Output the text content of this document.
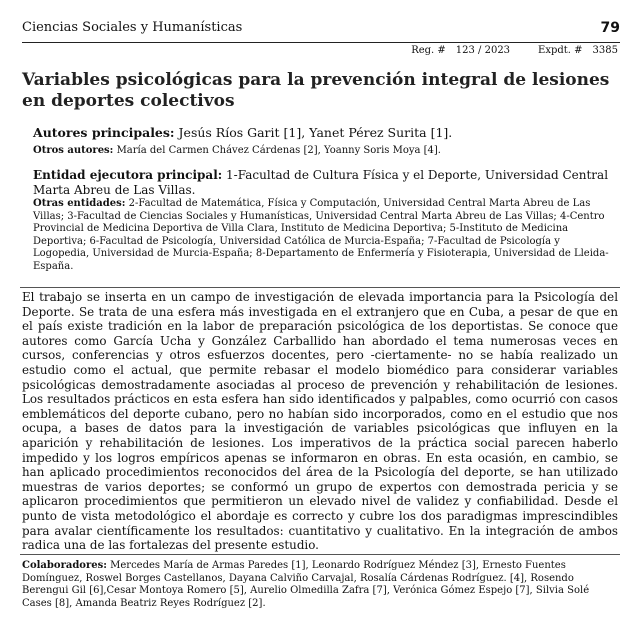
Ciencias Sociales y Humanísticas	79
Reg. # 123 / 2023	Expdt. # 3385
Variables psicológicas para la prevención integral de lesiones en deportes colectivos
Autores principales: Jesús Ríos Garit [1], Yanet Pérez Surita [1].
Otros autores: María del Carmen Chávez Cárdenas [2], Yoanny Soris Moya [4].
Entidad ejecutora principal: 1-Facultad de Cultura Física y el Deporte, Universidad Central Marta Abreu de Las Villas.
Otras entidades: 2-Facultad de Matemática, Física y Computación, Universidad Central Marta Abreu de Las Villas; 3-Facultad de Ciencias Sociales y Humanísticas, Universidad Central Marta Abreu de Las Villas; 4-Centro Provincial de Medicina Deportiva de Villa Clara, Instituto de Medicina Deportiva; 5-Instituto de Medicina Deportiva; 6-Facultad de Psicología, Universidad Católica de Murcia-España; 7-Facultad de Psicología y Logopedia, Universidad de Murcia-España; 8-Departamento de Enfermería y Fisioterapia, Universidad de Lleida-España.

El trabajo se inserta en un campo de investigación de elevada importancia para la Psicología del Deporte. Se trata de una esfera más investigada en el extranjero que en Cuba, a pesar de que en el país existe tradición en la labor de preparación psicológica de los deportistas. Se conoce que autores como García Ucha y González Carballido han abordado el tema numerosas veces en cursos, conferencias y otros esfuerzos docentes, pero -ciertamente- no se había realizado un estudio como el actual, que permite rebasar el modelo biomédico para considerar variables psicológicas demostradamente asociadas al proceso de prevención y rehabilitación de lesiones. Los resultados prácticos en esta esfera han sido identificados y palpables, como ocurrió con casos emblemáticos del deporte cubano, pero no habían sido incorporados, como en el estudio que nos ocupa, a bases de datos para la investigación de variables psicológicas que influyen en la aparición y rehabilitación de lesiones. Los imperativos de la práctica social parecen haberlo impedido y los logros empíricos apenas se informaron en obras. En esta ocasión, en cambio, se han aplicado procedimientos reconocidos del área de la Psicología del deporte, se han utilizado muestras de varios deportes; se conformó un grupo de expertos con demostrada pericia y se aplicaron procedimientos que permitieron un elevado nivel de validez y confiabilidad. Desde el punto de vista metodológico el abordaje es correcto y cubre los dos paradigmas imprescindibles para avalar científicamente los resultados: cuantitativo y cualitativo. En la integración de ambos radica una de las fortalezas del presente estudio.

Colaboradores: Mercedes María de Armas Paredes [1], Leonardo Rodríguez Méndez [3], Ernesto Fuentes Domínguez, Roswel Borges Castellanos, Dayana Calviño Carvajal, Rosalía Cárdenas Rodríguez. [4], Rosendo Berengui Gil [6],Cesar Montoya Romero [5], Aurelio Olmedilla Zafra [7], Verónica Gómez Espejo [7], Silvia Solé Cases [8], Amanda Beatriz Reyes Rodríguez [2].
